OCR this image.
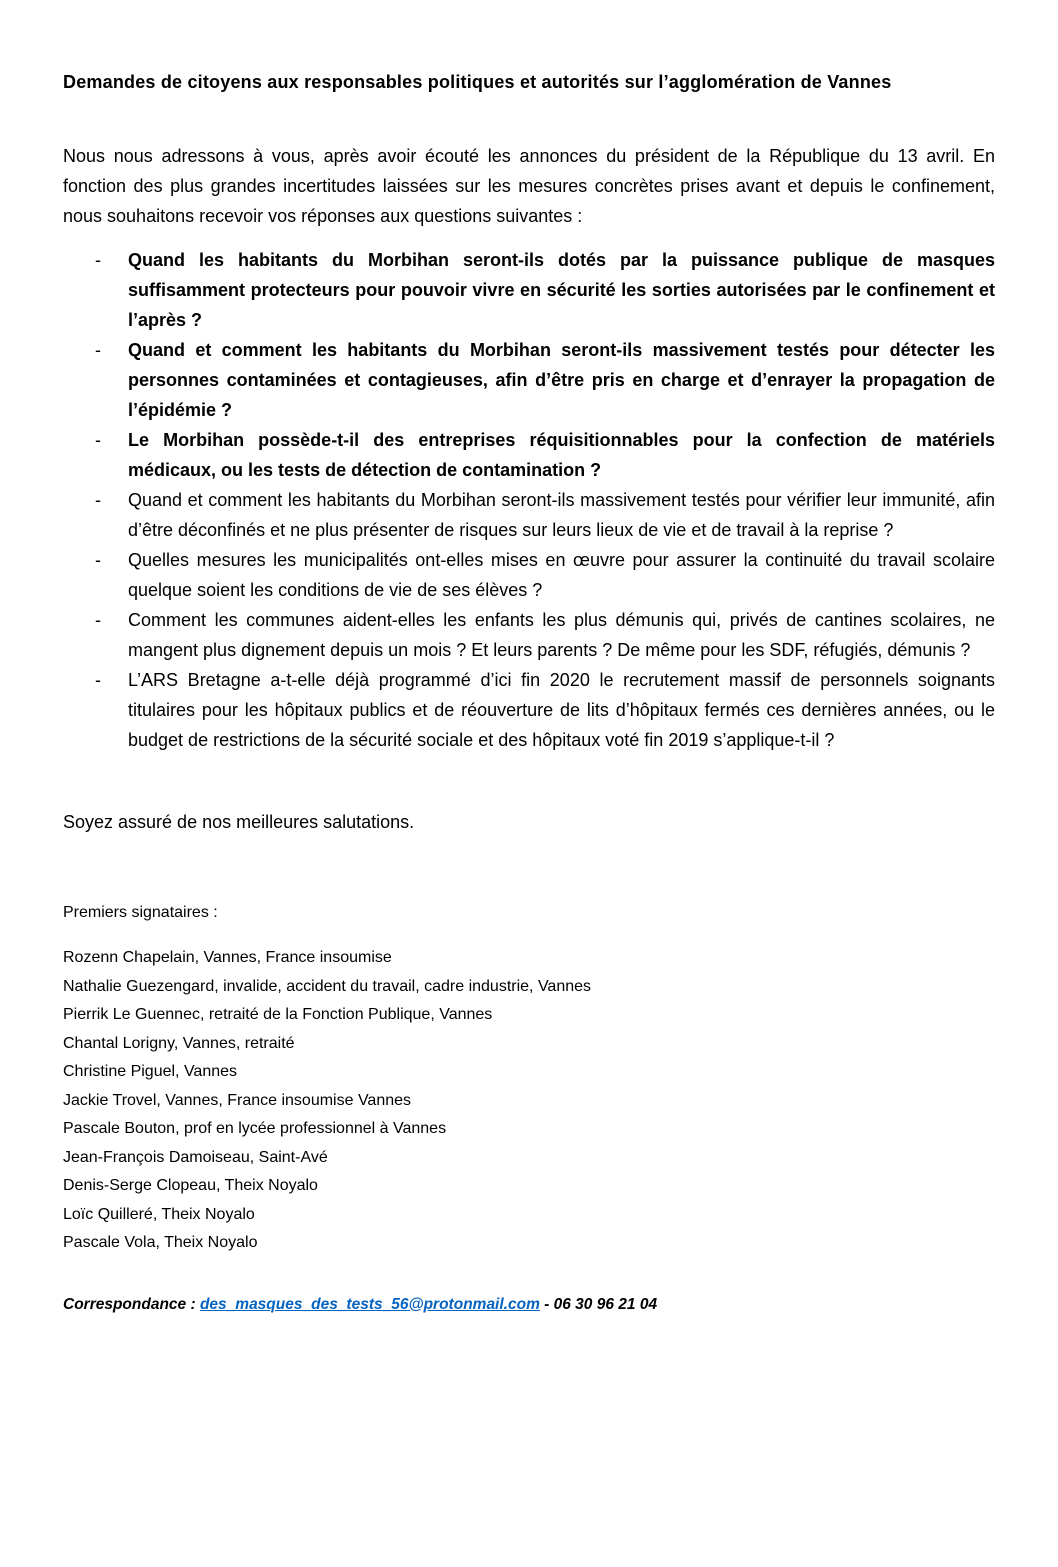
Demandes de citoyens aux responsables politiques et autorités sur l’agglomération de Vannes

Nous nous adressons à vous, après avoir écouté les annonces du président de la République du 13 avril. En fonction des plus grandes incertitudes laissées sur les mesures concrètes prises avant et depuis le confinement, nous souhaitons recevoir vos réponses aux questions suivantes :

- Quand les habitants du Morbihan seront-ils dotés par la puissance publique de masques suffisamment protecteurs pour pouvoir vivre en sécurité les sorties autorisées par le confinement et l’après ?
- Quand et comment les habitants du Morbihan seront-ils massivement testés pour détecter les personnes contaminées et contagieuses, afin d’être pris en charge et d’enrayer la propagation de l’épidémie ?
- Le Morbihan possède-t-il des entreprises réquisitionnables pour la confection de matériels médicaux, ou les tests de détection de contamination ?
- Quand et comment les habitants du Morbihan seront-ils massivement testés pour vérifier leur immunité, afin d’être déconfinés et ne plus présenter de risques sur leurs lieux de vie et de travail à la reprise ?
- Quelles mesures les municipalités ont-elles mises en œuvre pour assurer la continuité du travail scolaire quelque soient les conditions de vie de ses élèves ?
- Comment les communes aident-elles les enfants les plus démunis qui, privés de cantines scolaires, ne mangent plus dignement depuis un mois ? Et leurs parents ? De même pour les SDF, réfugiés, démunis ?
- L’ARS Bretagne a-t-elle déjà programmé d’ici fin 2020 le recrutement massif de personnels soignants titulaires pour les hôpitaux publics et de réouverture de lits d’hôpitaux fermés ces dernières années, ou le budget de restrictions de la sécurité sociale et des hôpitaux voté fin 2019 s’applique-t-il ?

Soyez assuré de nos meilleures salutations.

Premiers signataires :

Rozenn Chapelain, Vannes, France insoumise
Nathalie Guezengard, invalide, accident du travail, cadre industrie, Vannes
Pierrik Le Guennec, retraité de la Fonction Publique, Vannes
Chantal Lorigny, Vannes, retraité
Christine Piguel, Vannes
Jackie Trovel, Vannes, France insoumise Vannes
Pascale Bouton, prof en lycée professionnel à Vannes
Jean-François Damoiseau, Saint-Avé
Denis-Serge Clopeau, Theix Noyalo
Loïc Quilleré, Theix Noyalo
Pascale Vola, Theix Noyalo

Correspondance : des_masques_des_tests_56@protonmail.com - 06 30 96 21 04
